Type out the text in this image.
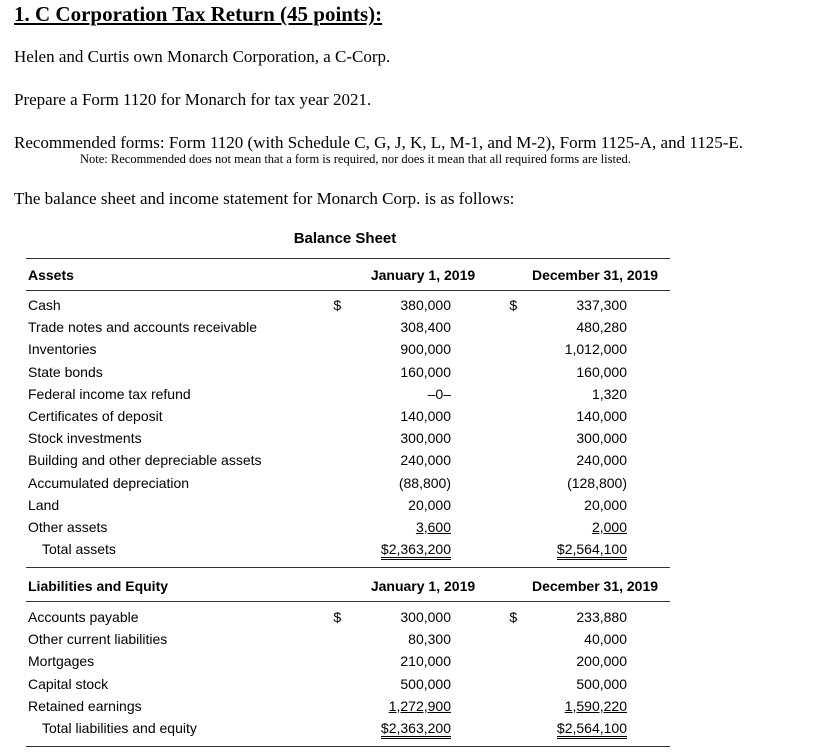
1. C Corporation Tax Return (45 points):
Helen and Curtis own Monarch Corporation, a C-Corp.
Prepare a Form 1120 for Monarch for tax year 2021.
Recommended forms: Form 1120 (with Schedule C, G, J, K, L, M-1, and M-2), Form 1125-A, and 1125-E.
Note: Recommended does not mean that a form is required, nor does it mean that all required forms are listed.
The balance sheet and income statement for Monarch Corp. is as follows:
Balance Sheet
Assets	January 1, 2019	December 31, 2019
Cash	$	380,000	$	337,300
Trade notes and accounts receivable	308,400	480,280
Inventories	900,000	1,012,000
State bonds	160,000	160,000
Federal income tax refund	–0–	1,320
Certificates of deposit	140,000	140,000
Stock investments	300,000	300,000
Building and other depreciable assets	240,000	240,000
Accumulated depreciation	(88,800)	(128,800)
Land	20,000	20,000
Other assets	3,600	2,000
Total assets	$2,363,200	$2,564,100
Liabilities and Equity	January 1, 2019	December 31, 2019
Accounts payable	$	300,000	$	233,880
Other current liabilities	80,300	40,000
Mortgages	210,000	200,000
Capital stock	500,000	500,000
Retained earnings	1,272,900	1,590,220
Total liabilities and equity	$2,363,200	$2,564,100
